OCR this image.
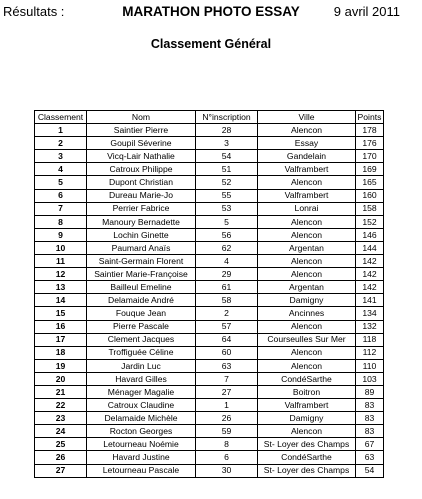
Résultats :	MARATHON PHOTO ESSAY	9 avril 2011
Classement Général
Classement	Nom	N°inscription	Ville	Points
1	Saintier Pierre	28	Alencon	178
2	Goupil Séverine	3	Essay	176
3	Vicq-Lair Nathalie	54	Gandelain	170
4	Catroux Philippe	51	Valframbert	169
5	Dupont Christian	52	Alencon	165
6	Dureau Marie-Jo	55	Valframbert	160
7	Perrier Fabrice	53	Lonrai	158
8	Manoury Bernadette	5	Alencon	152
9	Lochin Ginette	56	Alencon	146
10	Paumard Anaïs	62	Argentan	144
11	Saint-Germain Florent	4	Alencon	142
12	Saintier Marie-Françoise	29	Alencon	142
13	Bailleul Emeline	61	Argentan	142
14	Delamaide André	58	Damigny	141
15	Fouque Jean	2	Ancinnes	134
16	Pierre Pascale	57	Alencon	132
17	Clement Jacques	64	Courseulles Sur Mer	118
18	Troffiguée Céline	60	Alencon	112
19	Jardin Luc	63	Alencon	110
20	Havard Gilles	7	CondéSarthe	103
21	Ménager Magalie	27	Boitron	89
22	Catroux Claudine	1	Valframbert	83
23	Delamaide Michèle	26	Damigny	83
24	Rocton Georges	59	Alencon	83
25	Letourneau Noémie	8	St- Loyer des Champs	67
26	Havard Justine	6	CondéSarthe	63
27	Letourneau Pascale	30	St- Loyer des Champs	54
